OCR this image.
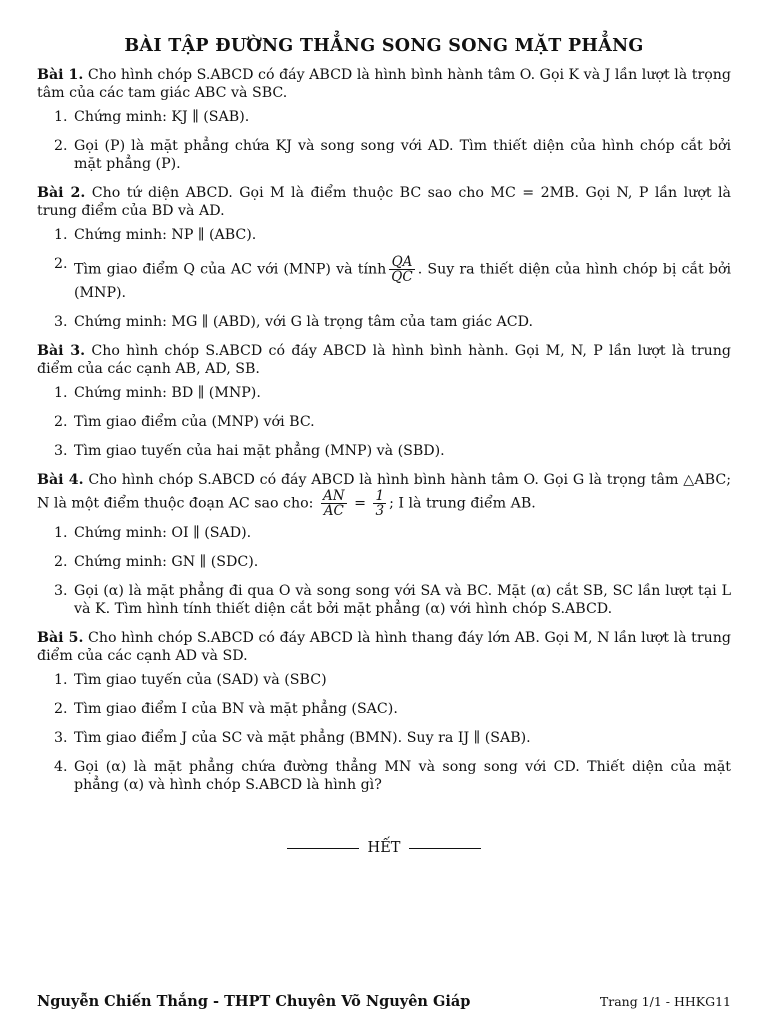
BÀI TẬP ĐƯỜNG THẲNG SONG SONG MẶT PHẲNG
Bài 1. Cho hình chóp S.ABCD có đáy ABCD là hình bình hành tâm O. Gọi K và J lần lượt là trọng tâm của các tam giác ABC và SBC.
1. Chứng minh: KJ ∥ (SAB).
2. Gọi (P) là mặt phẳng chứa KJ và song song với AD. Tìm thiết diện của hình chóp cắt bởi mặt phẳng (P).
Bài 2. Cho tứ diện ABCD. Gọi M là điểm thuộc BC sao cho MC = 2MB. Gọi N, P lần lượt là trung điểm của BD và AD.
1. Chứng minh: NP ∥ (ABC).
2. Tìm giao điểm Q của AC với (MNP) và tính $\frac{QA}{QC}$ . Suy ra thiết diện của hình chóp bị cắt bởi (MNP).
3. Chứng minh: MG ∥ (ABD), với G là trọng tâm của tam giác ACD.
Bài 3. Cho hình chóp S.ABCD có đáy ABCD là hình bình hành. Gọi M, N, P lần lượt là trung điểm của các cạnh AB, AD, SB.
1. Chứng minh: BD ∥ (MNP).
2. Tìm giao điểm của (MNP) với BC.
3. Tìm giao tuyến của hai mặt phẳng (MNP) và (SBD).
Bài 4. Cho hình chóp S.ABCD có đáy ABCD là hình bình hành tâm O. Gọi G là trọng tâm △ABC; N là một điểm thuộc đoạn AC sao cho: $\frac{AN}{AC} = \frac{1}{3}$ ; I là trung điểm AB.
1. Chứng minh: OI ∥ (SAD).
2. Chứng minh: GN ∥ (SDC).
3. Gọi (α) là mặt phẳng đi qua O và song song với SA và BC. Mặt (α) cắt SB, SC lần lượt tại L và K. Tìm hình tính thiết diện cắt bởi mặt phẳng (α) với hình chóp S.ABCD.
Bài 5. Cho hình chóp S.ABCD có đáy ABCD là hình thang đáy lớn AB. Gọi M, N lần lượt là trung điểm của các cạnh AD và SD.
1. Tìm giao tuyến của (SAD) và (SBC)
2. Tìm giao điểm I của BN và mặt phẳng (SAC).
3. Tìm giao điểm J của SC và mặt phẳng (BMN). Suy ra IJ ∥ (SAB).
4. Gọi (α) là mặt phẳng chứa đường thẳng MN và song song với CD. Thiết diện của mặt phẳng (α) và hình chóp S.ABCD là hình gì?
HẾT
Nguyễn Chiến Thắng - THPT Chuyên Võ Nguyên Giáp	Trang 1/1 - HHKG11
